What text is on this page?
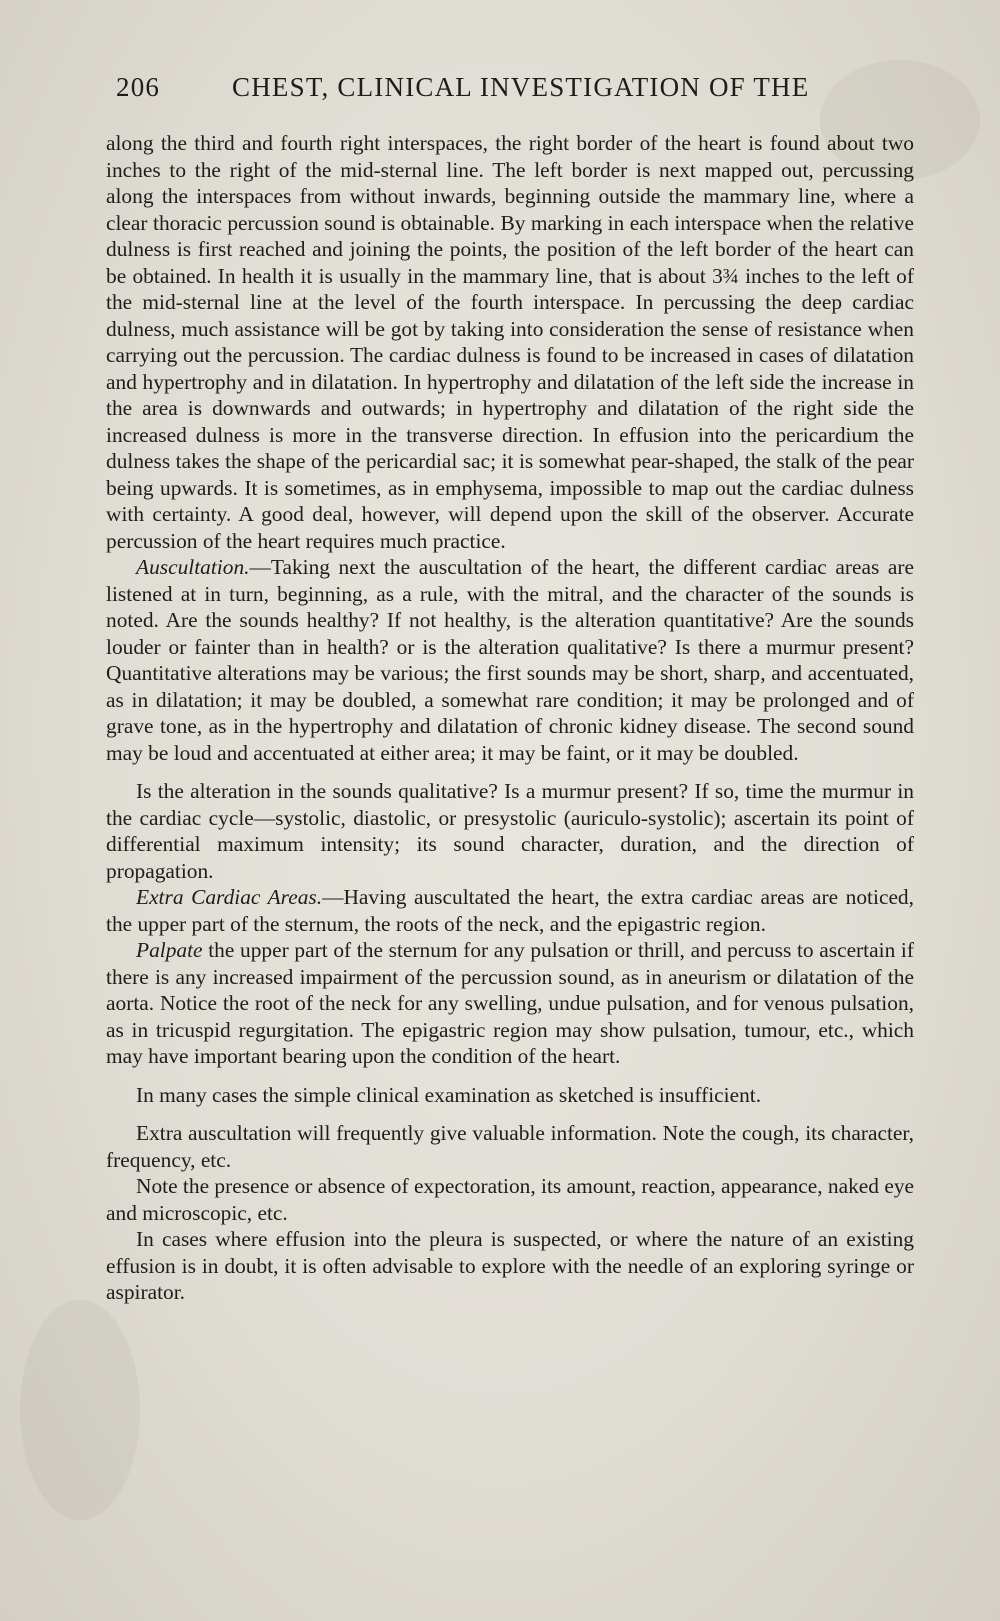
206	CHEST, CLINICAL INVESTIGATION OF THE

along the third and fourth right interspaces, the right border of the heart is found about two inches to the right of the mid-sternal line. The left border is next mapped out, percussing along the interspaces from without inwards, beginning outside the mammary line, where a clear thoracic percussion sound is obtainable. By marking in each interspace when the relative dulness is first reached and joining the points, the position of the left border of the heart can be obtained. In health it is usually in the mammary line, that is about 3¾ inches to the left of the mid-sternal line at the level of the fourth interspace. In percussing the deep cardiac dulness, much assistance will be got by taking into consideration the sense of resistance when carrying out the percussion. The cardiac dulness is found to be increased in cases of dilatation and hypertrophy and in dilatation. In hypertrophy and dilatation of the left side the increase in the area is downwards and outwards; in hypertrophy and dilatation of the right side the increased dulness is more in the transverse direction. In effusion into the pericardium the dulness takes the shape of the pericardial sac; it is somewhat pear-shaped, the stalk of the pear being upwards. It is sometimes, as in emphysema, impossible to map out the cardiac dulness with certainty. A good deal, however, will depend upon the skill of the observer. Accurate percussion of the heart requires much practice.

Auscultation.—Taking next the auscultation of the heart, the different cardiac areas are listened at in turn, beginning, as a rule, with the mitral, and the character of the sounds is noted. Are the sounds healthy? If not healthy, is the alteration quantitative? Are the sounds louder or fainter than in health? or is the alteration qualitative? Is there a murmur present? Quantitative alterations may be various; the first sounds may be short, sharp, and accentuated, as in dilatation; it may be doubled, a somewhat rare condition; it may be prolonged and of grave tone, as in the hypertrophy and dilatation of chronic kidney disease. The second sound may be loud and accentuated at either area; it may be faint, or it may be doubled.

Is the alteration in the sounds qualitative? Is a murmur present? If so, time the murmur in the cardiac cycle—systolic, diastolic, or presystolic (auriculo-systolic); ascertain its point of differential maximum intensity; its sound character, duration, and the direction of propagation.

Extra Cardiac Areas.—Having auscultated the heart, the extra cardiac areas are noticed, the upper part of the sternum, the roots of the neck, and the epigastric region.

Palpate the upper part of the sternum for any pulsation or thrill, and percuss to ascertain if there is any increased impairment of the percussion sound, as in aneurism or dilatation of the aorta. Notice the root of the neck for any swelling, undue pulsation, and for venous pulsation, as in tricuspid regurgitation. The epigastric region may show pulsation, tumour, etc., which may have important bearing upon the condition of the heart.

In many cases the simple clinical examination as sketched is insufficient.

Extra auscultation will frequently give valuable information. Note the cough, its character, frequency, etc.

Note the presence or absence of expectoration, its amount, reaction, appearance, naked eye and microscopic, etc.

In cases where effusion into the pleura is suspected, or where the nature of an existing effusion is in doubt, it is often advisable to explore with the needle of an exploring syringe or aspirator.
